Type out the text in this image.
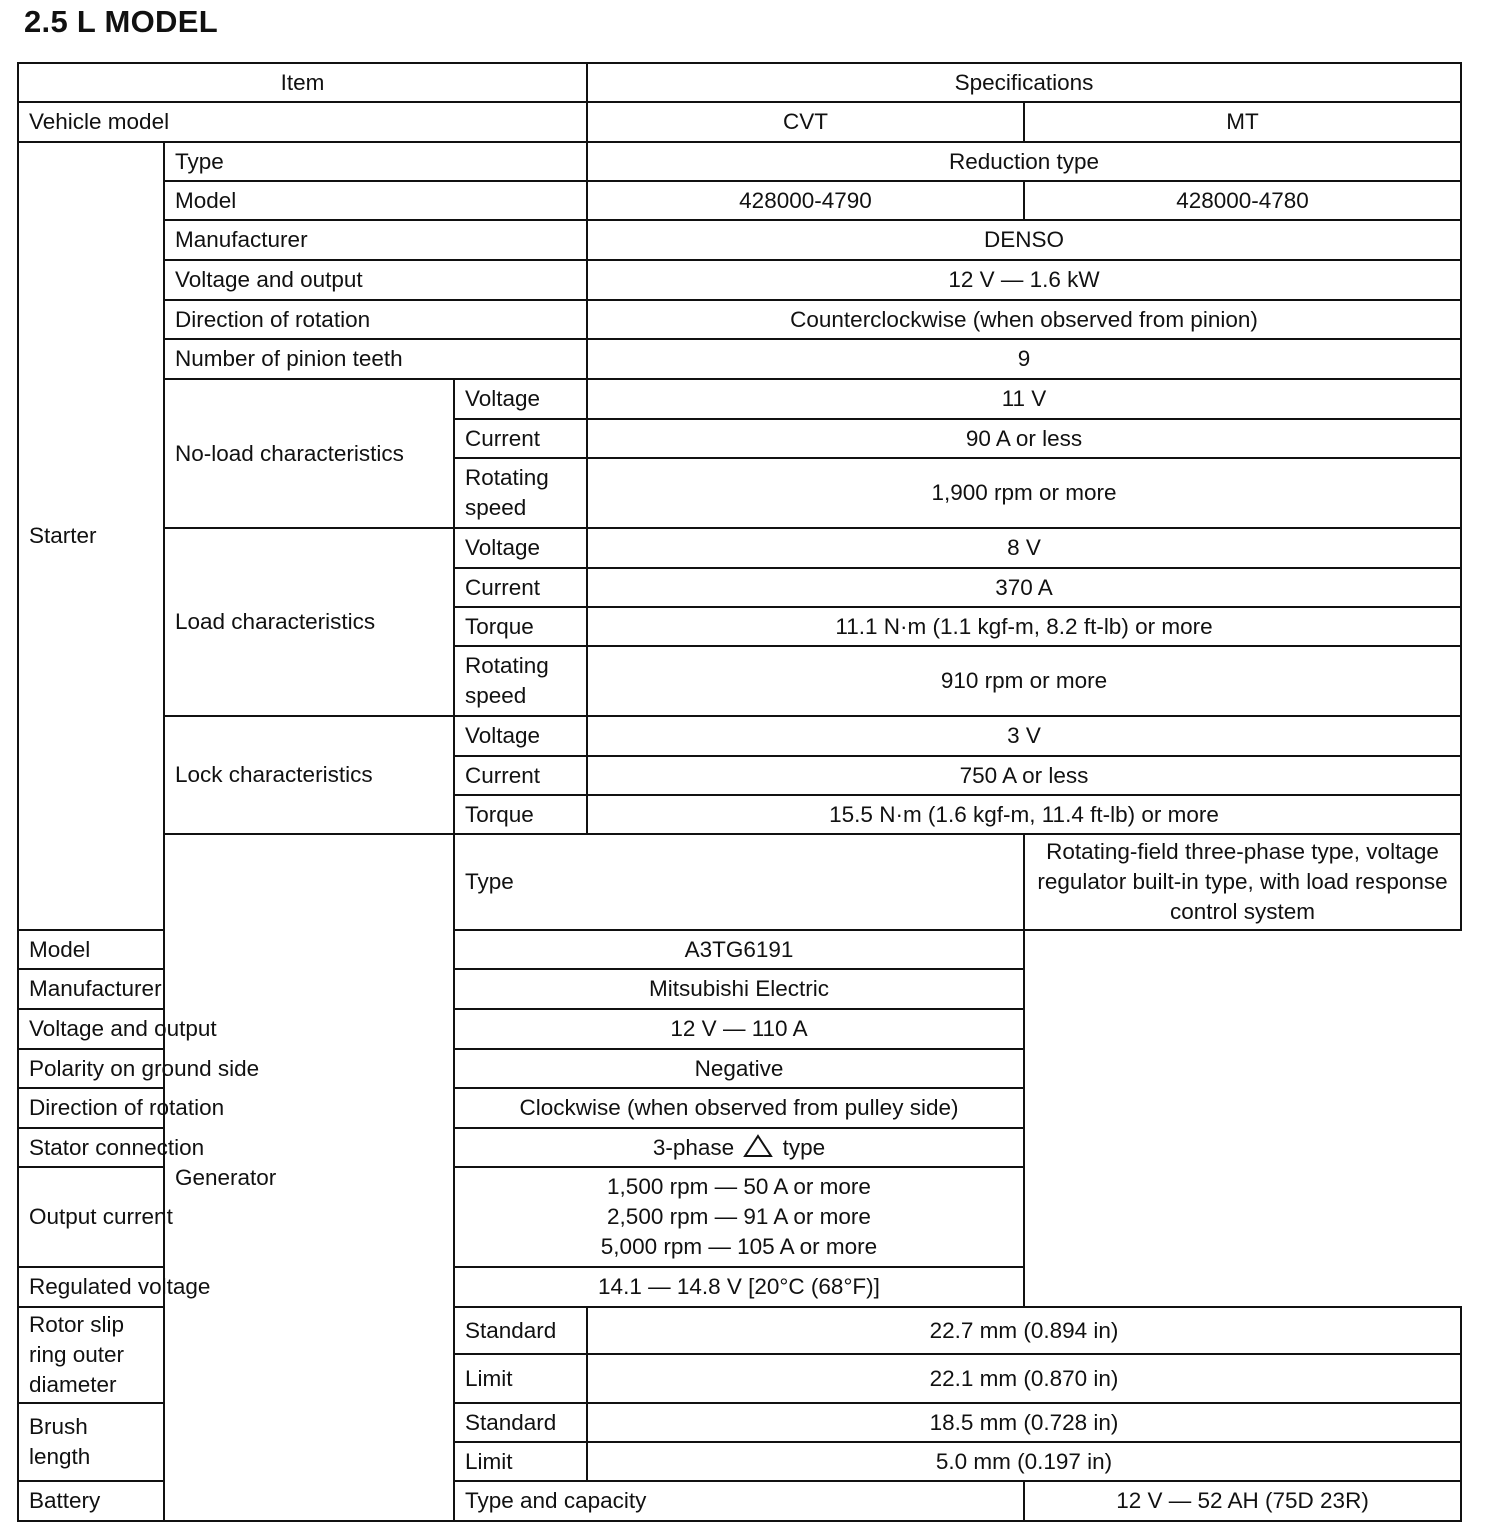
2.5 L MODEL
Item			Specifications	
Vehicle model			CVT	MT
Starter	Type		Reduction type	
	Model		428000-4790	428000-4780
	Manufacturer		DENSO	
	Voltage and output		12 V — 1.6 kW	
	Direction of rotation		Counterclockwise (when observed from pinion)	
	Number of pinion teeth		9	
	No-load characteristics	Voltage	11 V	
		Current	90 A or less	
		Rotating speed	1,900 rpm or more	
	Load characteristics	Voltage	8 V	
		Current	370 A	
		Torque	11.1 N·m (1.1 kgf-m, 8.2 ft-lb) or more	
		Rotating speed	910 rpm or more	
	Lock characteristics	Voltage	3 V	
		Current	750 A or less	
		Torque	15.5 N·m (1.6 kgf-m, 11.4 ft-lb) or more	
	Generator	Type		Rotating-field three-phase type, voltage regulator built-in type, with load response control system
Model		A3TG6191		
Manufacturer		Mitsubishi Electric		
Voltage and output		12 V — 110 A		
Polarity on ground side		Negative		
Direction of rotation		Clockwise (when observed from pulley side)		
Stator connection		3-phase type		
Output current		1,500 rpm — 50 A or more
2,500 rpm — 91 A or more
5,000 rpm — 105 A or more		

Regulated voltage		14.1 — 14.8 V [20°C (68°F)]		
Rotor slip ring outer diameter		Standard	22.7 mm (0.894 in)	
		Limit	22.1 mm (0.870 in)	
Brush length		Standard	18.5 mm (0.728 in)	
		Limit	5.0 mm (0.197 in)	
Battery		Type and capacity		12 V — 52 AH (75D 23R)
